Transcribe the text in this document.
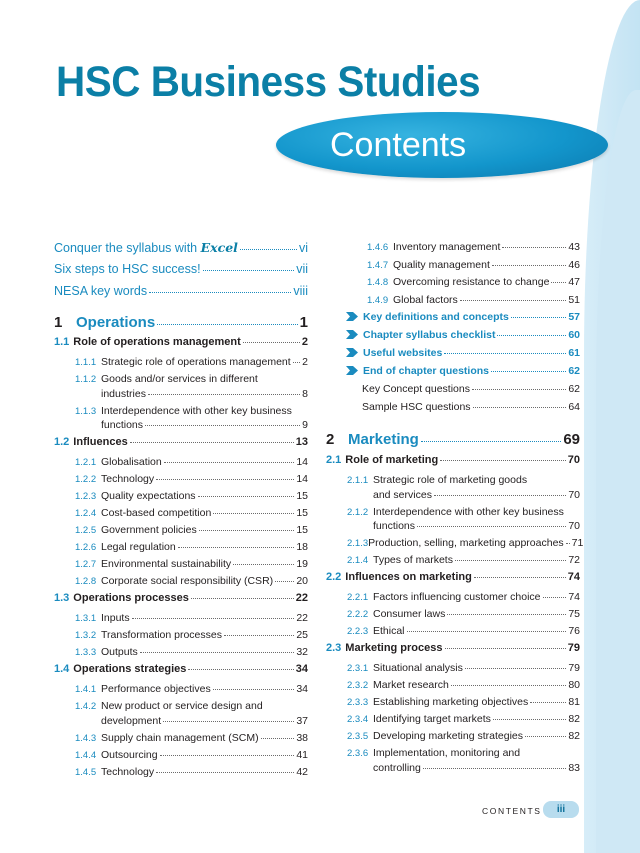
HSC Business Studies
Contents
Conquer the syllabus with Excel	vi
Six steps to HSC success!	vii
NESA key words	viii
1 Operations	1
1.1 Role of operations management	2
1.1.1 Strategic role of operations management 2
1.1.2 Goods and/or services in different
industries	8
1.1.3 Interdependence with other key business
functions	9
1.2 Influences	13
1.2.1 Globalisation	14
1.2.2 Technology	14
1.2.3 Quality expectations	15
1.2.4 Cost-based competition	15
1.2.5 Government policies	15
1.2.6 Legal regulation	18
1.2.7 Environmental sustainability	19
1.2.8 Corporate social responsibility (CSR) 20
1.3 Operations processes	22
1.3.1 Inputs	22
1.3.2 Transformation processes	25
1.3.3 Outputs	32
1.4 Operations strategies	34
1.4.1 Performance objectives	34
1.4.2 New product or service design and
development	37
1.4.3 Supply chain management (SCM)	38
1.4.4 Outsourcing	41
1.4.5 Technology	42
1.4.6 Inventory management	43
1.4.7 Quality management	46
1.4.8 Overcoming resistance to change 47
1.4.9 Global factors	51
Key definitions and concepts	57
Chapter syllabus checklist	60
Useful websites	61
End of chapter questions	62
Key Concept questions	62
Sample HSC questions	64
2 Marketing	69
2.1 Role of marketing	70
2.1.1 Strategic role of marketing goods
and services	70
2.1.2 Interdependence with other key business
functions	70
2.1.3 Production, selling, marketing approaches 71
2.1.4 Types of markets	72
2.2 Influences on marketing	74
2.2.1 Factors influencing customer choice	74
2.2.2 Consumer laws	75
2.2.3 Ethical	76
2.3 Marketing process	79
2.3.1 Situational analysis	79
2.3.2 Market research	80
2.3.3 Establishing marketing objectives	81
2.3.4 Identifying target markets	82
2.3.5 Developing marketing strategies	82
2.3.6 Implementation, monitoring and
controlling	83
CONTENTS	iii
